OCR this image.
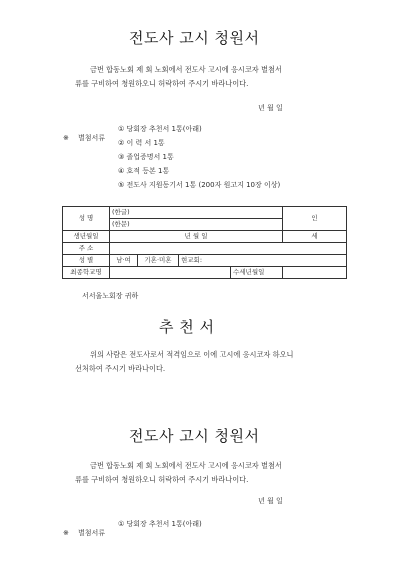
전도사 고시 청원서
금번 합동노회 제 회 노회에서 전도사 고시에 응시코자 별첨서
류를 구비하여 청원하오니 허락하여 주시기 바라나이다.
년 월 일
※ 별첨서류
① 당회장 추천서 1통(아래)
② 이 력 서 1통
③ 졸업증명서 1통
④ 호적 등본 1통
⑤ 전도사 지원동기서 1통 (200자 원고지 10장 이상)
성 명	(한글)				인
	(한문)				
생년월일	년 월 일				세
주 소					
성 별	남·여	기혼·미혼	현교회:		
최종학교명				수세년월일	
서서울노회장 귀하
추 천 서
위의 사람은 전도사로서 적격임으로 이에 고시에 응시코자 하오니
선처하여 주시기 바라나이다.
전도사 고시 청원서
금번 합동노회 제 회 노회에서 전도사 고시에 응시코자 별첨서
류를 구비하여 청원하오니 허락하여 주시기 바라나이다.
년 월 일
※ 별첨서류
① 당회장 추천서 1통(아래)
